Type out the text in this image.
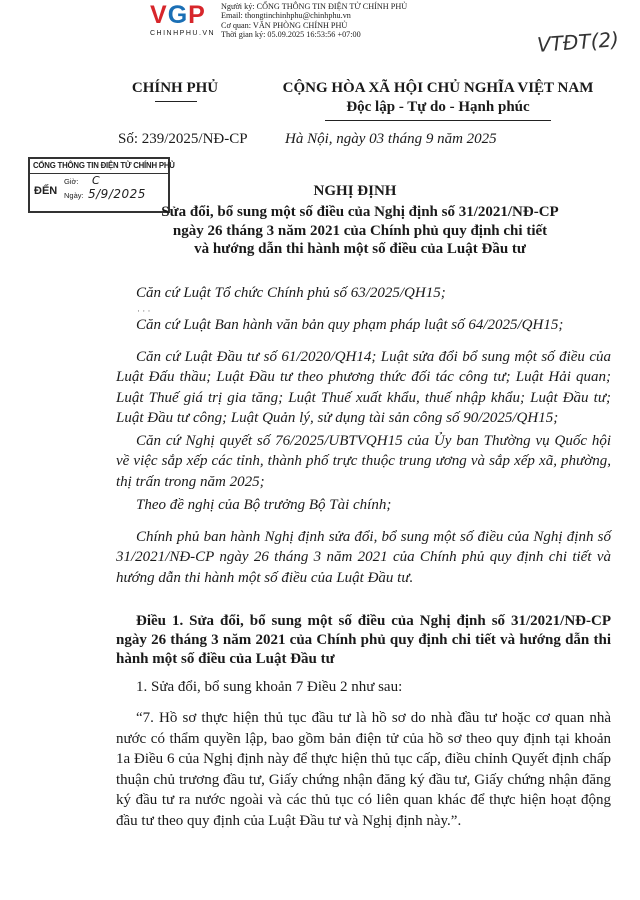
VGP
CHINHPHU.VN
Người ký: CỔNG THÔNG TIN ĐIỆN TỬ CHÍNH PHỦ
Email: thongtinchinhphu@chinhphu.vn
Cơ quan: VĂN PHÒNG CHÍNH PHỦ
Thời gian ký: 05.09.2025 16:53:56 +07:00	VTĐT(2)
CHÍNH PHỦ	CỘNG HÒA XÃ HỘI CHỦ NGHĨA VIỆT NAM
Độc lập - Tự do - Hạnh phúc
Số: 239/2025/NĐ-CP Hà Nội, ngày 03 tháng 9 năm 2025
CỔNG THÔNG TIN ĐIỆN TỬ CHÍNH PHỦ
ĐẾN
Giờ: C
Ngày: 5/9/2025	NGHỊ ĐỊNH
Sửa đổi, bổ sung một số điều của Nghị định số 31/2021/NĐ-CP
ngày 26 tháng 3 năm 2021 của Chính phủ quy định chi tiết
và hướng dẫn thi hành một số điều của Luật Đầu tư
Căn cứ Luật Tổ chức Chính phủ số 63/2025/QH15;
· · ·
Căn cứ Luật Ban hành văn bản quy phạm pháp luật số 64/2025/QH15;
Căn cứ Luật Đầu tư số 61/2020/QH14; Luật sửa đổi bổ sung một số điều của Luật Đấu thầu; Luật Đầu tư theo phương thức đối tác công tư; Luật Hải quan; Luật Thuế giá trị gia tăng; Luật Thuế xuất khẩu, thuế nhập khẩu; Luật Đầu tư; Luật Đầu tư công; Luật Quản lý, sử dụng tài sản công số 90/2025/QH15;
Căn cứ Nghị quyết số 76/2025/UBTVQH15 của Ủy ban Thường vụ Quốc hội về việc sắp xếp các tỉnh, thành phố trực thuộc trung ương và sắp xếp xã, phường, thị trấn trong năm 2025;
Theo đề nghị của Bộ trưởng Bộ Tài chính;
Chính phủ ban hành Nghị định sửa đổi, bổ sung một số điều của Nghị định số 31/2021/NĐ-CP ngày 26 tháng 3 năm 2021 của Chính phủ quy định chi tiết và hướng dẫn thi hành một số điều của Luật Đầu tư.
Điều 1. Sửa đổi, bổ sung một số điều của Nghị định số 31/2021/NĐ-CP ngày 26 tháng 3 năm 2021 của Chính phủ quy định chi tiết và hướng dẫn thi hành một số điều của Luật Đầu tư
1. Sửa đổi, bổ sung khoản 7 Điều 2 như sau:
“7. Hồ sơ thực hiện thủ tục đầu tư là hồ sơ do nhà đầu tư hoặc cơ quan nhà nước có thẩm quyền lập, bao gồm bản điện tử của hồ sơ theo quy định tại khoản 1a Điều 6 của Nghị định này để thực hiện thủ tục cấp, điều chỉnh Quyết định chấp thuận chủ trương đầu tư, Giấy chứng nhận đăng ký đầu tư, Giấy chứng nhận đăng ký đầu tư ra nước ngoài và các thủ tục có liên quan khác để thực hiện hoạt động đầu tư theo quy định của Luật Đầu tư và Nghị định này.”.
